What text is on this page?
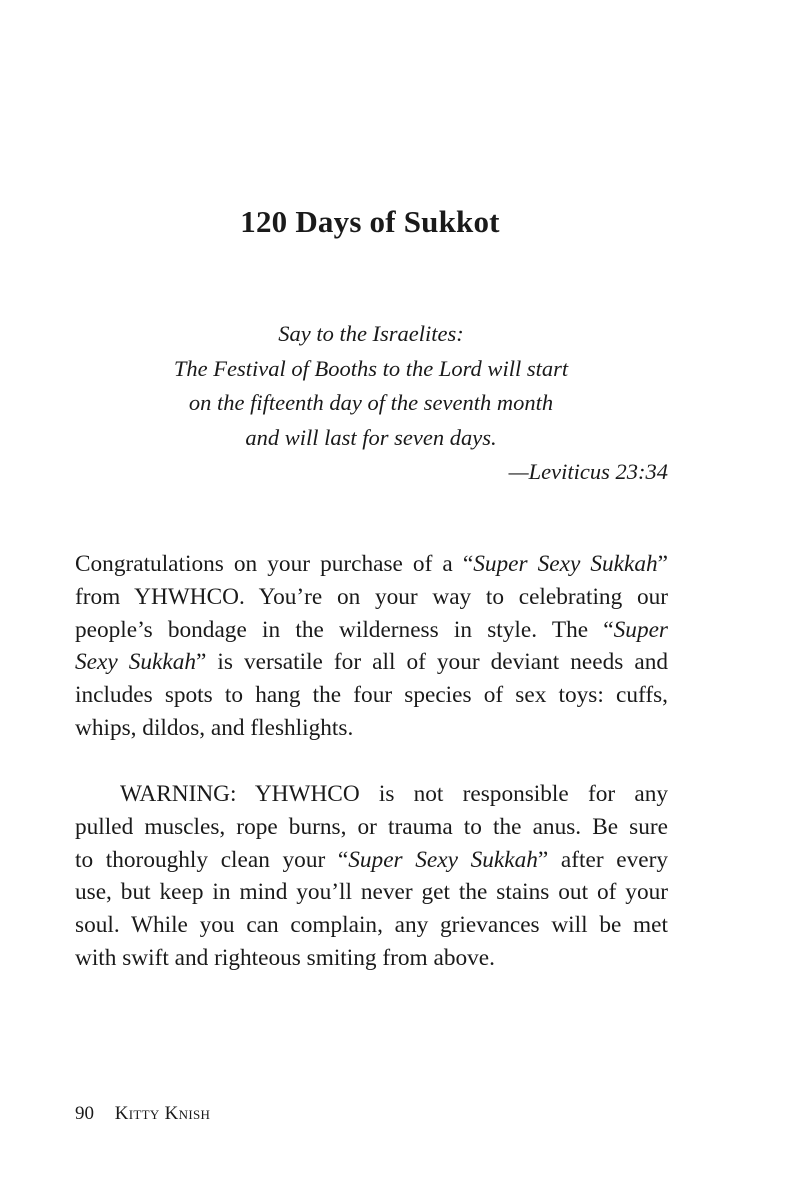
120 Days of Sukkot
Say to the Israelites:
The Festival of Booths to the Lord will start
on the fifteenth day of the seventh month
and will last for seven days.
—Leviticus 23:34
Congratulations on your purchase of a “Super Sexy Sukkah”
from YHWHCO. You’re on your way to celebrating our
people’s bondage in the wilderness in style. The “Super
Sexy Sukkah” is versatile for all of your deviant needs and
includes spots to hang the four species of sex toys: cuffs,
whips, dildos, and fleshlights.
WARNING: YHWHCO is not responsible for any
pulled muscles, rope burns, or trauma to the anus. Be sure
to thoroughly clean your “Super Sexy Sukkah” after every
use, but keep in mind you’ll never get the stains out of your
soul. While you can complain, any grievances will be met
with swift and righteous smiting from above.
90 Kitty Knish
